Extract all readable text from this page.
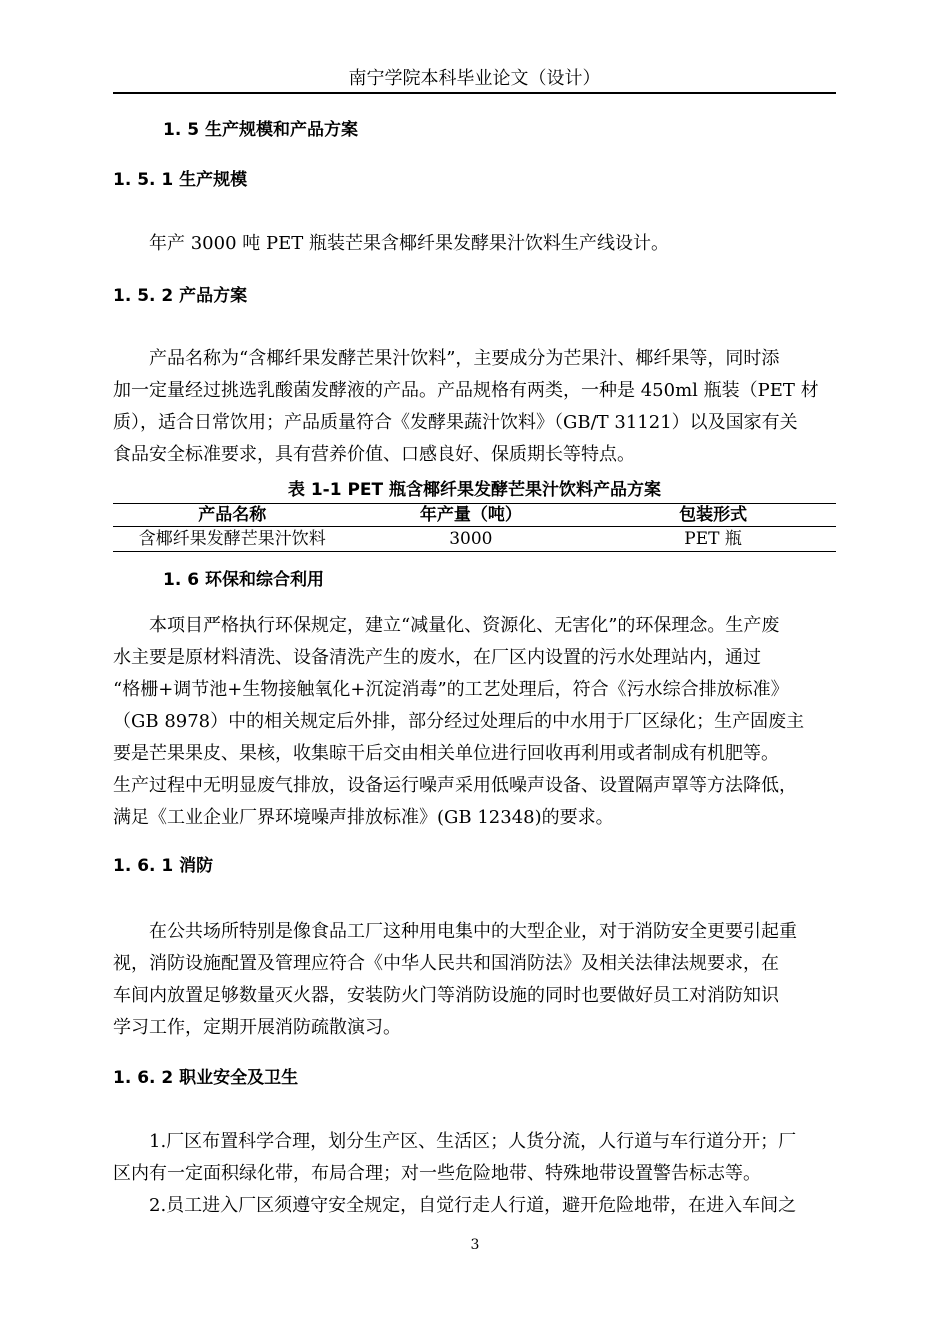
南宁学院本科毕业论文（设计）
1. 5 生产规模和产品方案
1. 5. 1 生产规模
年产 3000 吨 PET 瓶装芒果含椰纤果发酵果汁饮料生产线设计。
1. 5. 2 产品方案
产品名称为“含椰纤果发酵芒果汁饮料”，主要成分为芒果汁、椰纤果等，同时添
加一定量经过挑选乳酸菌发酵液的产品。产品规格有两类，一种是 450ml 瓶装（PET 材
质），适合日常饮用；产品质量符合《发酵果蔬汁饮料》（GB/T 31121）以及国家有关
食品安全标准要求，具有营养价值、口感良好、保质期长等特点。
表 1-1 PET 瓶含椰纤果发酵芒果汁饮料产品方案
产品名称	年产量（吨）	包装形式
含椰纤果发酵芒果汁饮料	3000	PET 瓶
1. 6 环保和综合利用
本项目严格执行环保规定，建立“减量化、资源化、无害化”的环保理念。生产废
水主要是原材料清洗、设备清洗产生的废水，在厂区内设置的污水处理站内，通过
“格栅+调节池+生物接触氧化+沉淀消毒”的工艺处理后，符合《污水综合排放标准》
（GB 8978）中的相关规定后外排，部分经过处理后的中水用于厂区绿化；生产固废主
要是芒果果皮、果核，收集晾干后交由相关单位进行回收再利用或者制成有机肥等。
生产过程中无明显废气排放，设备运行噪声采用低噪声设备、设置隔声罩等方法降低，
满足《工业企业厂界环境噪声排放标准》(GB 12348)的要求。
1. 6. 1 消防
在公共场所特别是像食品工厂这种用电集中的大型企业，对于消防安全更要引起重
视，消防设施配置及管理应符合《中华人民共和国消防法》及相关法律法规要求，在
车间内放置足够数量灭火器，安装防火门等消防设施的同时也要做好员工对消防知识
学习工作，定期开展消防疏散演习。
1. 6. 2 职业安全及卫生
1.厂区布置科学合理，划分生产区、生活区；人货分流，人行道与车行道分开；厂
区内有一定面积绿化带，布局合理；对一些危险地带、特殊地带设置警告标志等。
2.员工进入厂区须遵守安全规定，自觉行走人行道，避开危险地带，在进入车间之
3
